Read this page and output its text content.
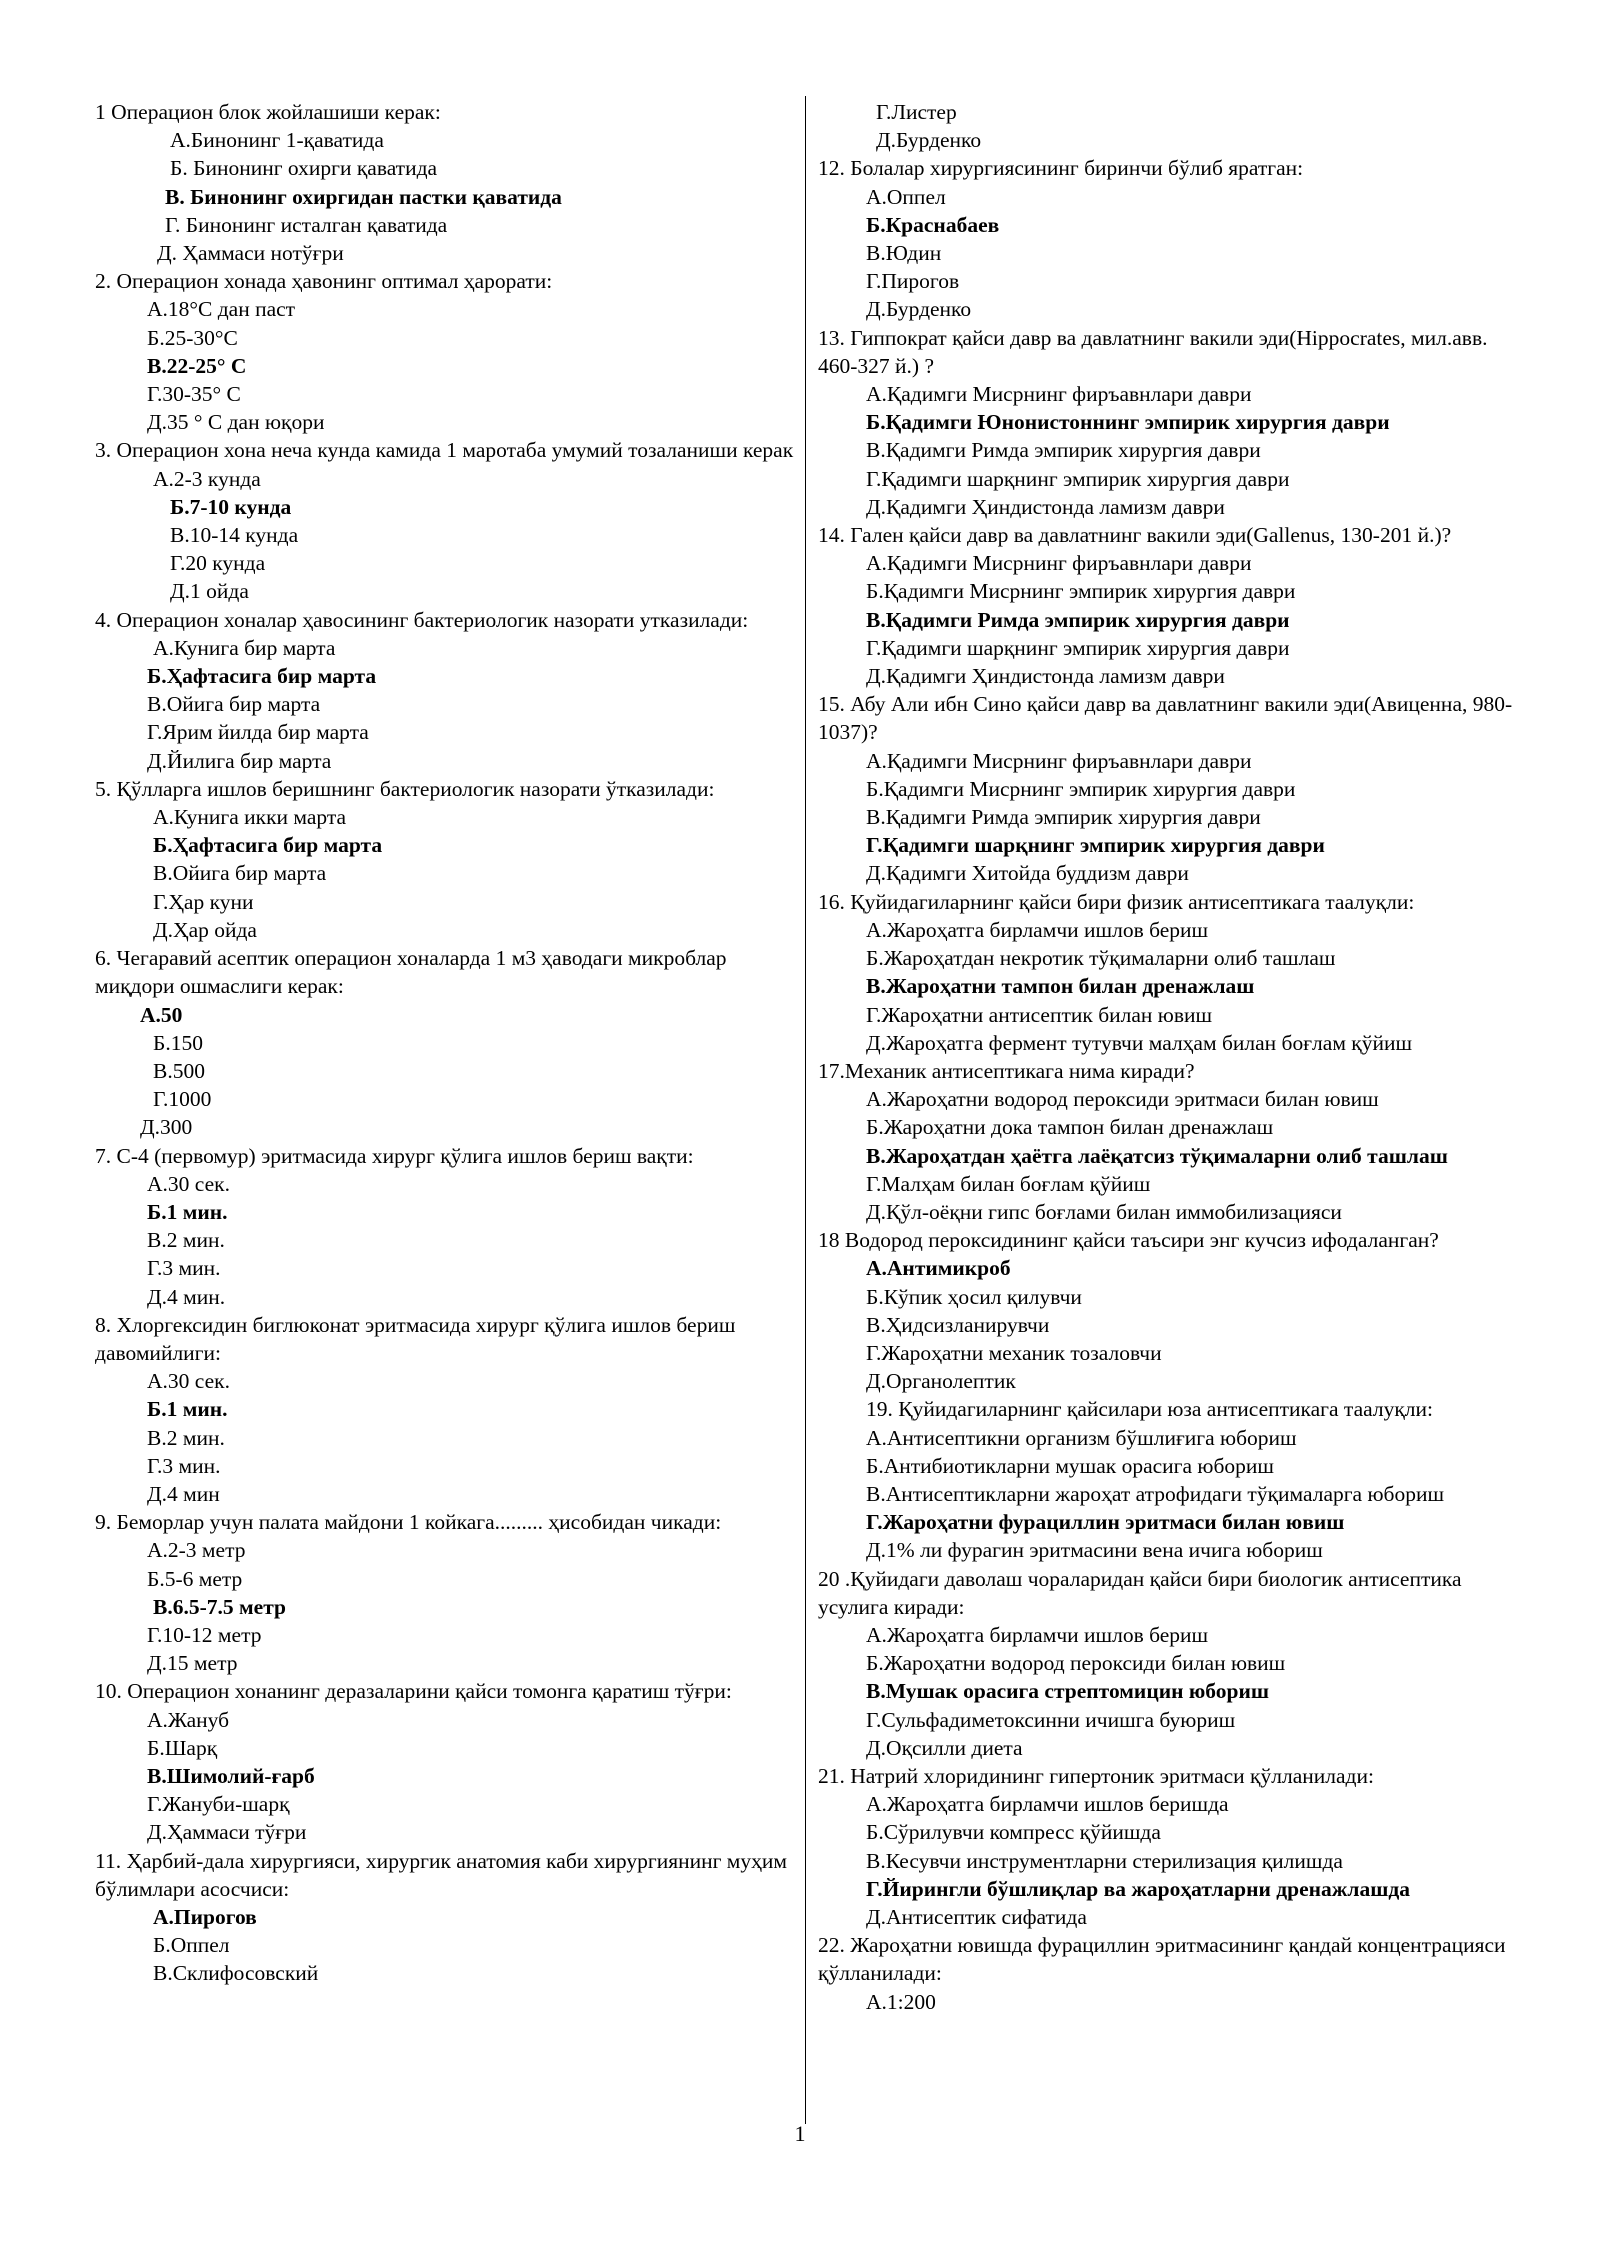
1 Операцион блок жойлашиши керак:
А.Бинонинг 1-қаватида
Б. Бинонинг охирги қаватида
В. Бинонинг охиргидан пастки қаватида
Г. Бинонинг исталган қаватида
Д. Ҳаммаси нотўғри
2. Операцион хонада ҳавонинг оптимал ҳарорати:
А.18°С дан паст
Б.25-30°С
В.22-25° С
Г.30-35° С
Д.35 ° С дан юқори
3. Операцион хона неча кунда камида 1 маротаба умумий тозаланиши керак
А.2-3 кунда
Б.7-10 кунда
В.10-14 кунда
Г.20 кунда
Д.1 ойда
4. Операцион хоналар ҳавосининг бактериологик назорати утказилади:
А.Кунига бир марта
Б.Ҳафтасига бир марта
В.Ойига бир марта
Г.Ярим йилда бир марта
Д.Йилига бир марта
5. Қўлларга ишлов беришнинг бактериологик назорати ўтказилади:
А.Кунига икки марта
Б.Ҳафтасига бир марта
В.Ойига бир марта
Г.Ҳар куни
Д.Ҳар ойда
6. Чегаравий асептик операцион хоналарда 1 м3 ҳаводаги микроблар миқдори ошмаслиги керак:
А.50
Б.150
В.500
Г.1000
Д.300
7. С-4 (первомур) эритмасида хирург қўлига ишлов бериш вақти:
А.30 сек.
Б.1 мин.
В.2 мин.
Г.3 мин.
Д.4 мин.
8. Хлоргексидин биглюконат эритмасида хирург қўлига ишлов бериш давомийлиги:
А.30 сек.
Б.1 мин.
В.2 мин.
Г.3 мин.
Д.4 мин
9. Беморлар учун палата майдони 1 койкага......... ҳисобидан чикади:
А.2-3 метр
Б.5-6 метр
В.6.5-7.5 метр
Г.10-12 метр
Д.15 метр
10. Операцион хонанинг деразаларини қайси томонга қаратиш тўғри:
А.Жануб
Б.Шарқ
В.Шимолий-ғарб
Г.Жануби-шарқ
Д.Ҳаммаси тўғри
11. Ҳарбий-дала хирургияси, хирургик анатомия каби хирургиянинг муҳим бўлимлари асосчиси:
А.Пирогов
Б.Оппел
В.Склифосовский
Г.Листер
Д.Бурденко
12. Болалар хирургиясининг биринчи бўлиб яратган:
А.Оппел
Б.Краснабаев
В.Юдин
Г.Пирогов
Д.Бурденко
13. Гиппократ қайси давр ва давлатнинг вакили эди(Hippocrates, мил.авв. 460-327 й.) ?
А.Қадимги Мисрнинг фиръавнлари даври
Б.Қадимги Юнонистоннинг эмпирик хирургия даври
В.Қадимги Римда эмпирик хирургия даври
Г.Қадимги шарқнинг эмпирик хирургия даври
Д.Қадимги Ҳиндистонда ламизм даври
14. Гален қайси давр ва давлатнинг вакили эди(Gallenus, 130-201 й.)?
А.Қадимги Мисрнинг фиръавнлари даври
Б.Қадимги Мисрнинг эмпирик хирургия даври
В.Қадимги Римда эмпирик хирургия даври
Г.Қадимги шарқнинг эмпирик хирургия даври
Д.Қадимги Ҳиндистонда ламизм даври
15. Абу Али ибн Сино қайси давр ва давлатнинг вакили эди(Авиценна, 980-1037)?
А.Қадимги Мисрнинг фиръавнлари даври
Б.Қадимги Мисрнинг эмпирик хирургия даври
В.Қадимги Римда эмпирик хирургия даври
Г.Қадимги шарқнинг эмпирик хирургия даври
Д.Қадимги Хитойда буддизм даври
16. Қуйидагиларнинг қайси бири физик антисептикага таалуқли:
А.Жароҳатга бирламчи ишлов бериш
Б.Жароҳатдан некротик тўқималарни олиб ташлаш
В.Жароҳатни тампон билан дренажлаш
Г.Жароҳатни антисептик билан ювиш
Д.Жароҳатга фермент тутувчи малҳам билан боғлам қўйиш
17.Механик антисептикага нима киради?
А.Жароҳатни водород пероксиди эритмаси билан ювиш
Б.Жароҳатни дока тампон билан дренажлаш
В.Жароҳатдан ҳаётга лаёқатсиз тўқималарни олиб ташлаш
Г.Малҳам билан боғлам қўйиш
Д.Қўл-оёқни гипс боғлами билан иммобилизацияси
18 Водород пероксидининг қайси таъсири энг кучсиз ифодаланган?
А.Антимикроб
Б.Кўпик ҳосил қилувчи
В.Ҳидсизланирувчи
Г.Жароҳатни механик тозаловчи
Д.Органолептик
19. Қуйидагиларнинг қайсилари юза антисептикага таалуқли:
А.Антисептикни организм бўшлиғига юбориш
Б.Антибиотикларни мушак орасига юбориш
В.Антисептикларни жароҳат атрофидаги тўқималарга юбориш
Г.Жароҳатни фурациллин эритмаси билан ювиш
Д.1% ли фурагин эритмасини вена ичига юбориш
20 .Қуйидаги даволаш чораларидан қайси бири биологик антисептика усулига киради:
А.Жароҳатга бирламчи ишлов бериш
Б.Жароҳатни водород пероксиди билан ювиш
В.Мушак орасига стрептомицин юбориш
Г.Сульфадиметоксинни ичишга буюриш
Д.Оқсилли диета
21. Натрий хлоридининг гипертоник эритмаси қўлланилади:
А.Жароҳатга бирламчи ишлов беришда
Б.Сўрилувчи компресс қўйишда
В.Кесувчи инструментларни стерилизация қилишда
Г.Йирингли бўшлиқлар ва жароҳатларни дренажлашда
Д.Антисептик сифатида
22. Жароҳатни ювишда фурациллин эритмасининг қандай концентрацияси қўлланилади:
А.1:200
1
